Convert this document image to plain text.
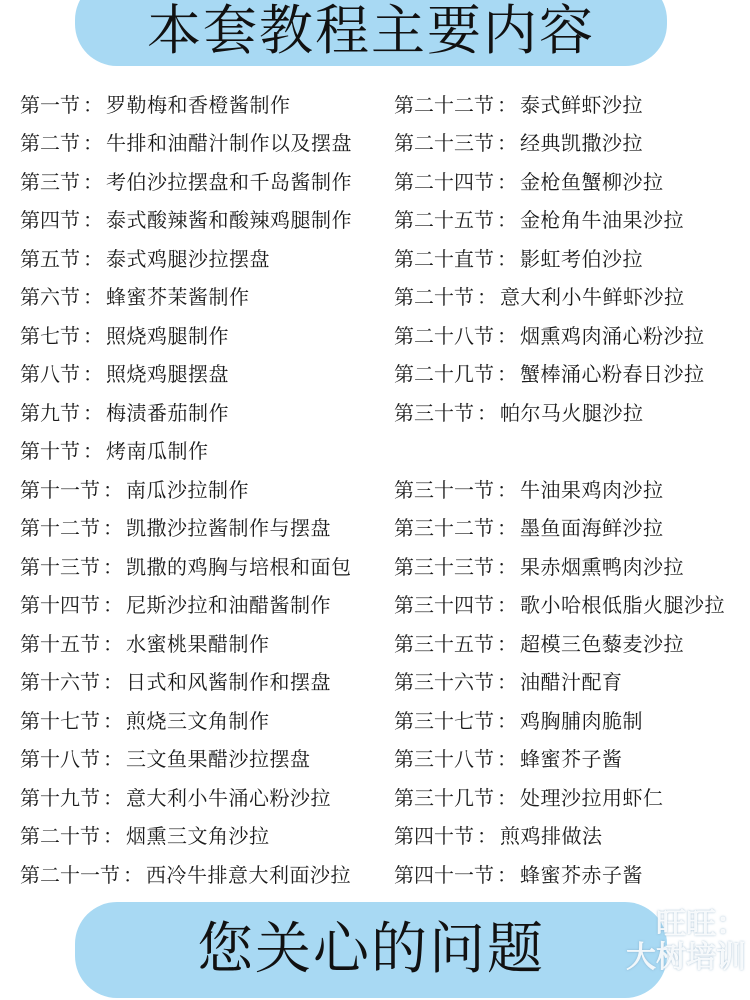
本套教程主要内容
第一节 ： 罗勒梅和香橙酱制作
第二节 ： 牛排和油醋汁制作以及摆盘
第三节 ： 考伯沙拉摆盘和千岛酱制作
第四节 ： 泰式酸辣酱和酸辣鸡腿制作
第五节 ： 泰式鸡腿沙拉摆盘
第六节 ： 蜂蜜芥茉酱制作
第七节 ： 照烧鸡腿制作
第八节 ： 照烧鸡腿摆盘
第九节 ： 梅渍番茄制作
第十节 ： 烤南瓜制作
第十一节 ： 南瓜沙拉制作
第十二节 ： 凯撒沙拉酱制作与摆盘
第十三节 ： 凯撒的鸡胸与培根和面包
第十四节 ： 尼斯沙拉和油醋酱制作
第十五节 ： 水蜜桃果醋制作
第十六节 ： 日式和风酱制作和摆盘
第十七节 ： 煎烧三文角制作
第十八节 ： 三文鱼果醋沙拉摆盘
第十九节 ： 意大利小牛涌心粉沙拉
第二十节 ： 烟熏三文角沙拉
第二十一节 ： 西冷牛排意大利面沙拉
第二十二节 ： 泰式鲜虾沙拉
第二十三节 ： 经典凯撒沙拉
第二十四节 ： 金枪鱼蟹柳沙拉
第二十五节 ： 金枪角牛油果沙拉
第二十直节 ： 影虹考伯沙拉
第二十节 ： 意大利小牛鲜虾沙拉
第二十八节 ： 烟熏鸡肉涌心粉沙拉
第二十几节 ： 蟹棒涌心粉春日沙拉
第三十节 ： 帕尔马火腿沙拉
第三十一节 ： 牛油果鸡肉沙拉
第三十二节 ： 墨鱼面海鲜沙拉
第三十三节 ： 果赤烟熏鸭肉沙拉
第三十四节 ： 歌小哈根低脂火腿沙拉
第三十五节 ： 超模三色藜麦沙拉
第三十六节 ： 油醋汁配育
第三十七节 ： 鸡胸脯肉脆制
第三十八节 ： 蜂蜜芥子酱
第三十几节 ： 处理沙拉用虾仁
第四十节 ： 煎鸡排做法
第四十一节 ： 蜂蜜芥赤子酱
您关心的问题	旺旺：
大树培训
